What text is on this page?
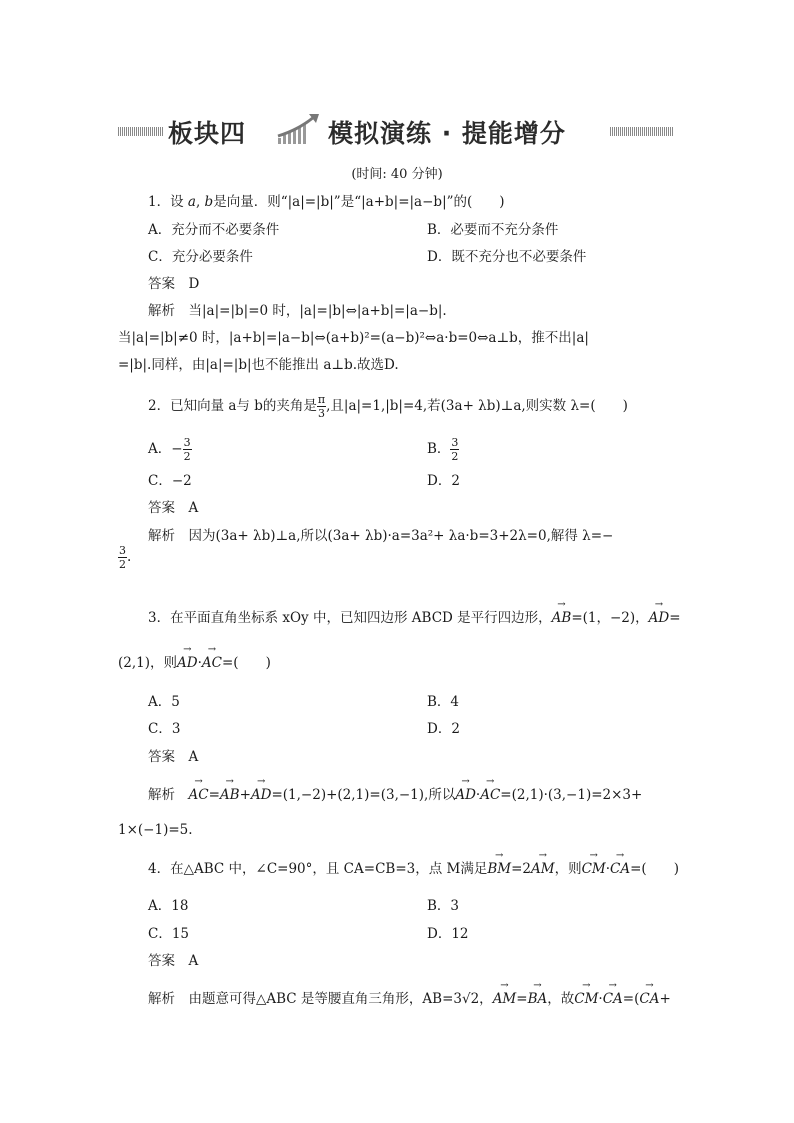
板块四	模拟演练 · 提能增分
(时间: 40 分钟)
1．设 a, b是向量．则“|a|=|b|”是“|a+b|=|a−b|”的(　　)
A．充分而不必要条件	B．必要而不充分条件
C．充分必要条件	D．既不充分也不必要条件
答案　D
解析　当|a|=|b|=0 时，|a|=|b|⇔|a+b|=|a−b|.
当|a|=|b|≠0 时，|a+b|=|a−b|⇔(a+b)²=(a−b)²⇔a·b=0⇔a⊥b，推不出|a|
=|b|.同样，由|a|=|b|也不能推出 a⊥b.故选D.
2．已知向量 a与 b的夹角是 $\frac{\pi}{3}$ ,且|a|=1,|b|=4,若(3a+ λb)⊥a,则实数 λ=(　　)
A．− $\frac{3}{2}$	B． $\frac{3}{2}$
C．−2	D．2
答案　A
解析　因为(3a+ λb)⊥a,所以(3a+ λb)·a=3a²+ λa·b=3+2λ=0,解得 λ=−
$\frac{3}{2}$ .
3．在平面直角坐标系 xOy 中，已知四边形 ABCD 是平行四边形，→ AB=(1，−2)，→ AD=
(2,1)，则→ AD·→ AC=(　　)
A．5	B．4
C．3	D．2
答案　A
解析　→ AC=→ AB+→ AD=(1,−2)+(2,1)=(3,−1),所以→ AD·→ AC=(2,1)·(3,−1)=2×3+
1×(−1)=5.
4．在△ABC 中，∠C=90°，且 CA=CB=3，点 M满足→ BM=2→ AM，则→ CM·→ CA=(　　)
A．18	B．3
C．15	D．12
答案　A
解析　由题意可得△ABC 是等腰直角三角形，AB=3√2，→ AM=→ BA，故→ CM·→ CA=(→ CA+
